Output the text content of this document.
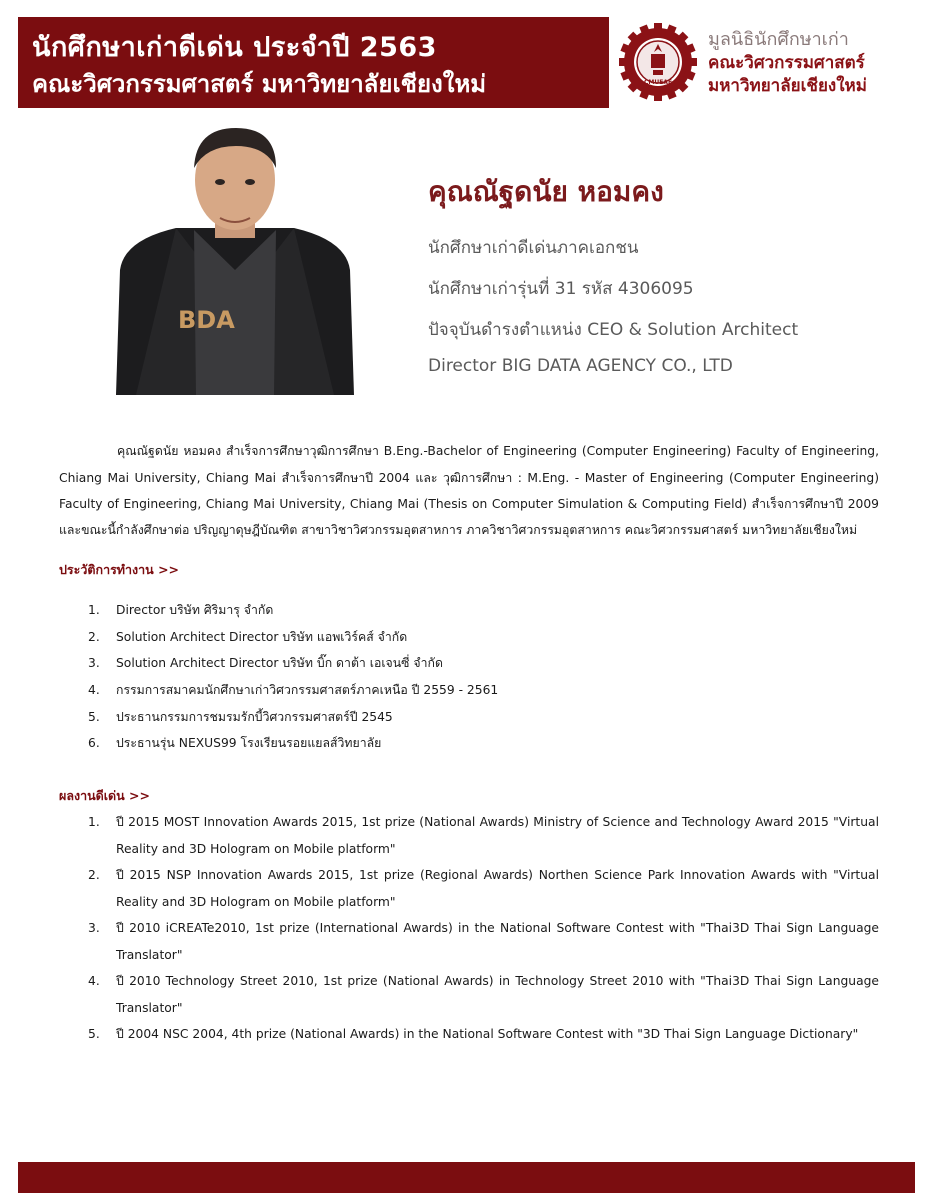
นักศึกษาเก่าดีเด่น ประจำปี 2563
คณะวิศวกรรมศาสตร์ มหาวิทยาลัยเชียงใหม่	CMUEAF
มูลนิธินักศึกษาเก่า
คณะวิศวกรรมศาสตร์
มหาวิทยาลัยเชียงใหม่
BDA
คุณณัฐดนัย หอมคง
นักศึกษาเก่าดีเด่นภาคเอกชน
นักศึกษาเก่ารุ่นที่ 31 รหัส 4306095
ปัจจุบันดำรงตำแหน่ง CEO & Solution Architect
Director BIG DATA AGENCY CO., LTD

คุณณัฐดนัย หอมคง สำเร็จการศึกษาวุฒิการศึกษา B.Eng.-Bachelor of Engineering (Computer Engineering) Faculty of Engineering, Chiang Mai University, Chiang Mai สำเร็จการศึกษาปี 2004 และ วุฒิการศึกษา : M.Eng. - Master of Engineering (Computer Engineering) Faculty of Engineering, Chiang Mai University, Chiang Mai (Thesis on Computer Simulation & Computing Field) สำเร็จการศึกษาปี 2009 และขณะนี้กำลังศึกษาต่อ ปริญญาดุษฎีบัณฑิต สาขาวิชาวิศวกรรมอุตสาหการ ภาควิชาวิศวกรรมอุตสาหการ คณะวิศวกรรมศาสตร์ มหาวิทยาลัยเชียงใหม่

ประวัติการทำงาน >>
1. Director บริษัท ศิริมารุ จำกัด
2. Solution Architect Director บริษัท แอพเวิร์คส์ จำกัด
3. Solution Architect Director บริษัท บิ๊ก ดาต้า เอเจนซี่ จำกัด
4. กรรมการสมาคมนักศึกษาเก่าวิศวกรรมศาสตร์ภาคเหนือ ปี 2559 - 2561
5. ประธานกรรมการชมรมรักบี้วิศวกรรมศาสตร์ปี 2545
6. ประธานรุ่น NEXUS99 โรงเรียนรอยแยลส์วิทยาลัย
ผลงานดีเด่น >>
1. ปี 2015 MOST Innovation Awards 2015, 1st prize (National Awards) Ministry of Science and Technology Award 2015 "Virtual Reality and 3D Hologram on Mobile platform"
2. ปี 2015 NSP Innovation Awards 2015, 1st prize (Regional Awards) Northen Science Park Innovation Awards with "Virtual Reality and 3D Hologram on Mobile platform"
3. ปี 2010 iCREATe2010, 1st prize (International Awards) in the National Software Contest with "Thai3D Thai Sign Language Translator"
4. ปี 2010 Technology Street 2010, 1st prize (National Awards) in Technology Street 2010 with "Thai3D Thai Sign Language Translator"
5. ปี 2004 NSC 2004, 4th prize (National Awards) in the National Software Contest with "3D Thai Sign Language Dictionary"
